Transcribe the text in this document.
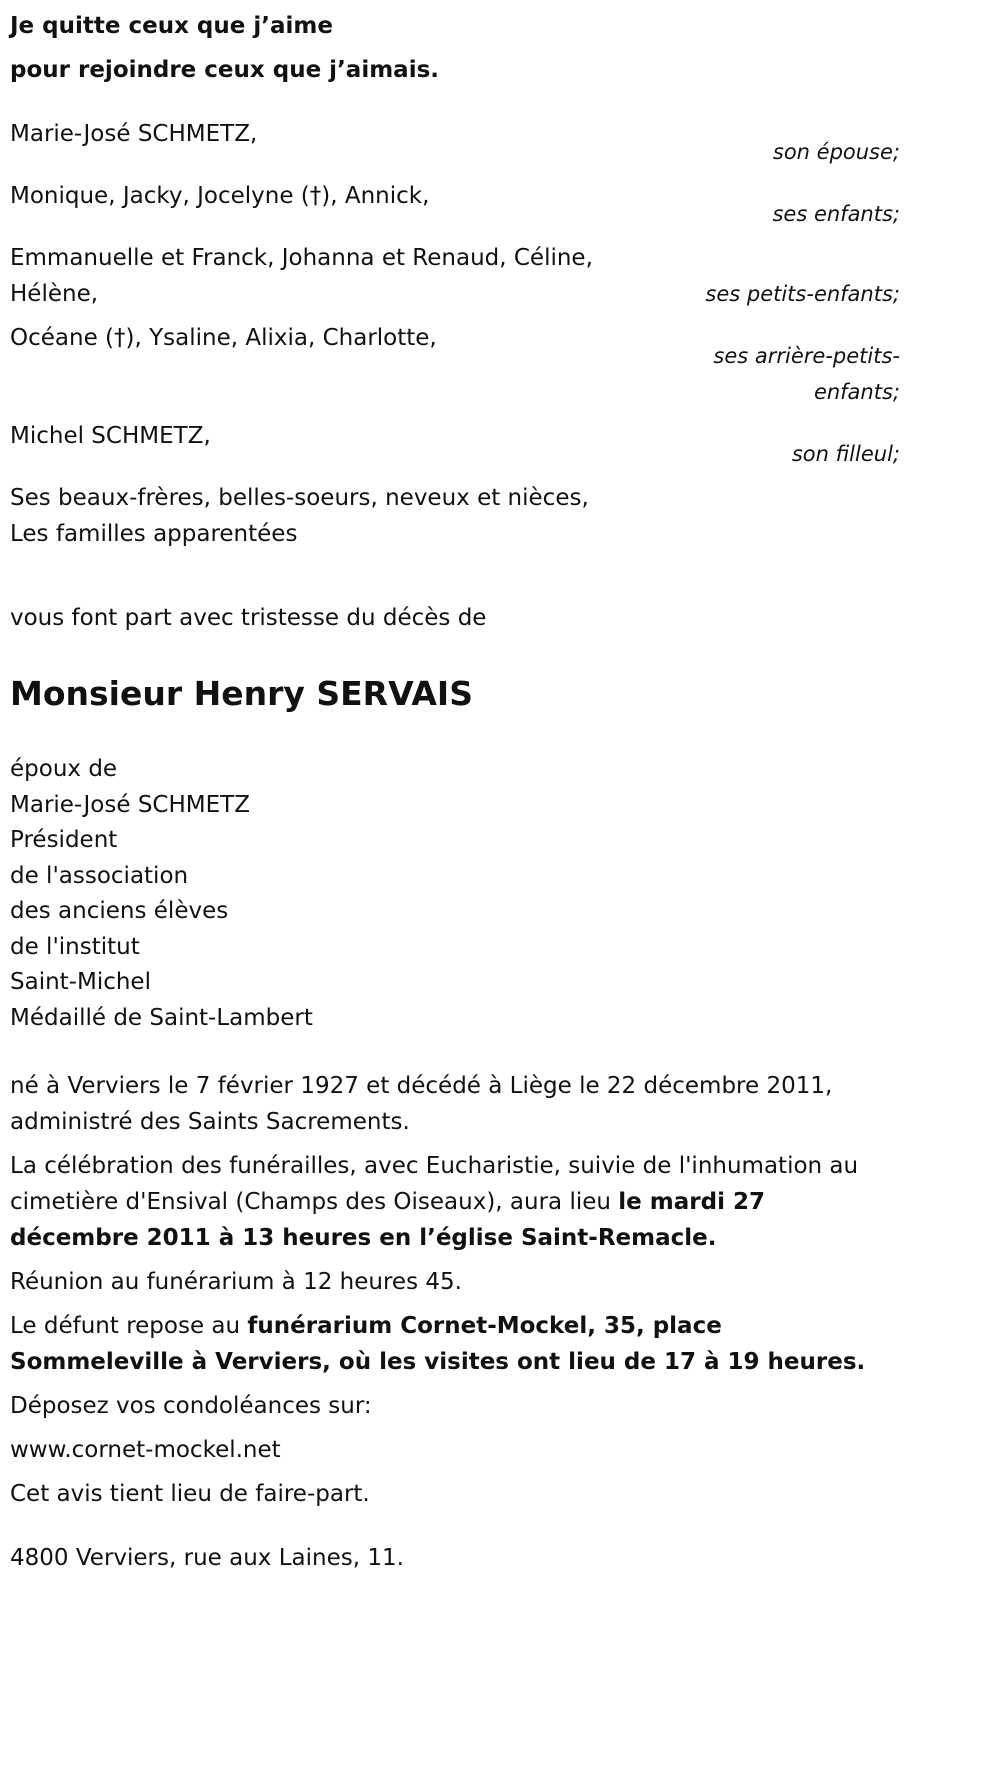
Je quitte ceux que j’aime

pour rejoindre ceux que j’aimais.

Marie-José SCHMETZ,
son épouse;
Monique, Jacky, Jocelyne (†), Annick,
ses enfants;
Emmanuelle et Franck, Johanna et Renaud, Céline, Hélène,	ses petits-enfants;
Océane (†), Ysaline, Alixia, Charlotte,
ses arrière-petits-enfants;
Michel SCHMETZ,
son filleul;

Ses beaux-frères, belles-soeurs, neveux et nièces,

Les familles apparentées

vous font part avec tristesse du décès de

Monsieur Henry SERVAIS
époux de
Marie-José SCHMETZ
Président
de l'association
des anciens élèves
de l'institut
Saint-Michel
Médaillé de Saint-Lambert

né à Verviers le 7 février 1927 et décédé à Liège le 22 décembre 2011, administré des Saints Sacrements.

La célébration des funérailles, avec Eucharistie, suivie de l'inhumation au cimetière d'Ensival (Champs des Oiseaux), aura lieu le mardi 27 décembre 2011 à 13 heures en l’église Saint-Remacle.

Réunion au funérarium à 12 heures 45.

Le défunt repose au funérarium Cornet-Mockel, 35, place Sommeleville à Verviers, où les visites ont lieu de 17 à 19 heures.

Déposez vos condoléances sur:

www.cornet-mockel.net

Cet avis tient lieu de faire-part.

4800 Verviers, rue aux Laines, 11.
